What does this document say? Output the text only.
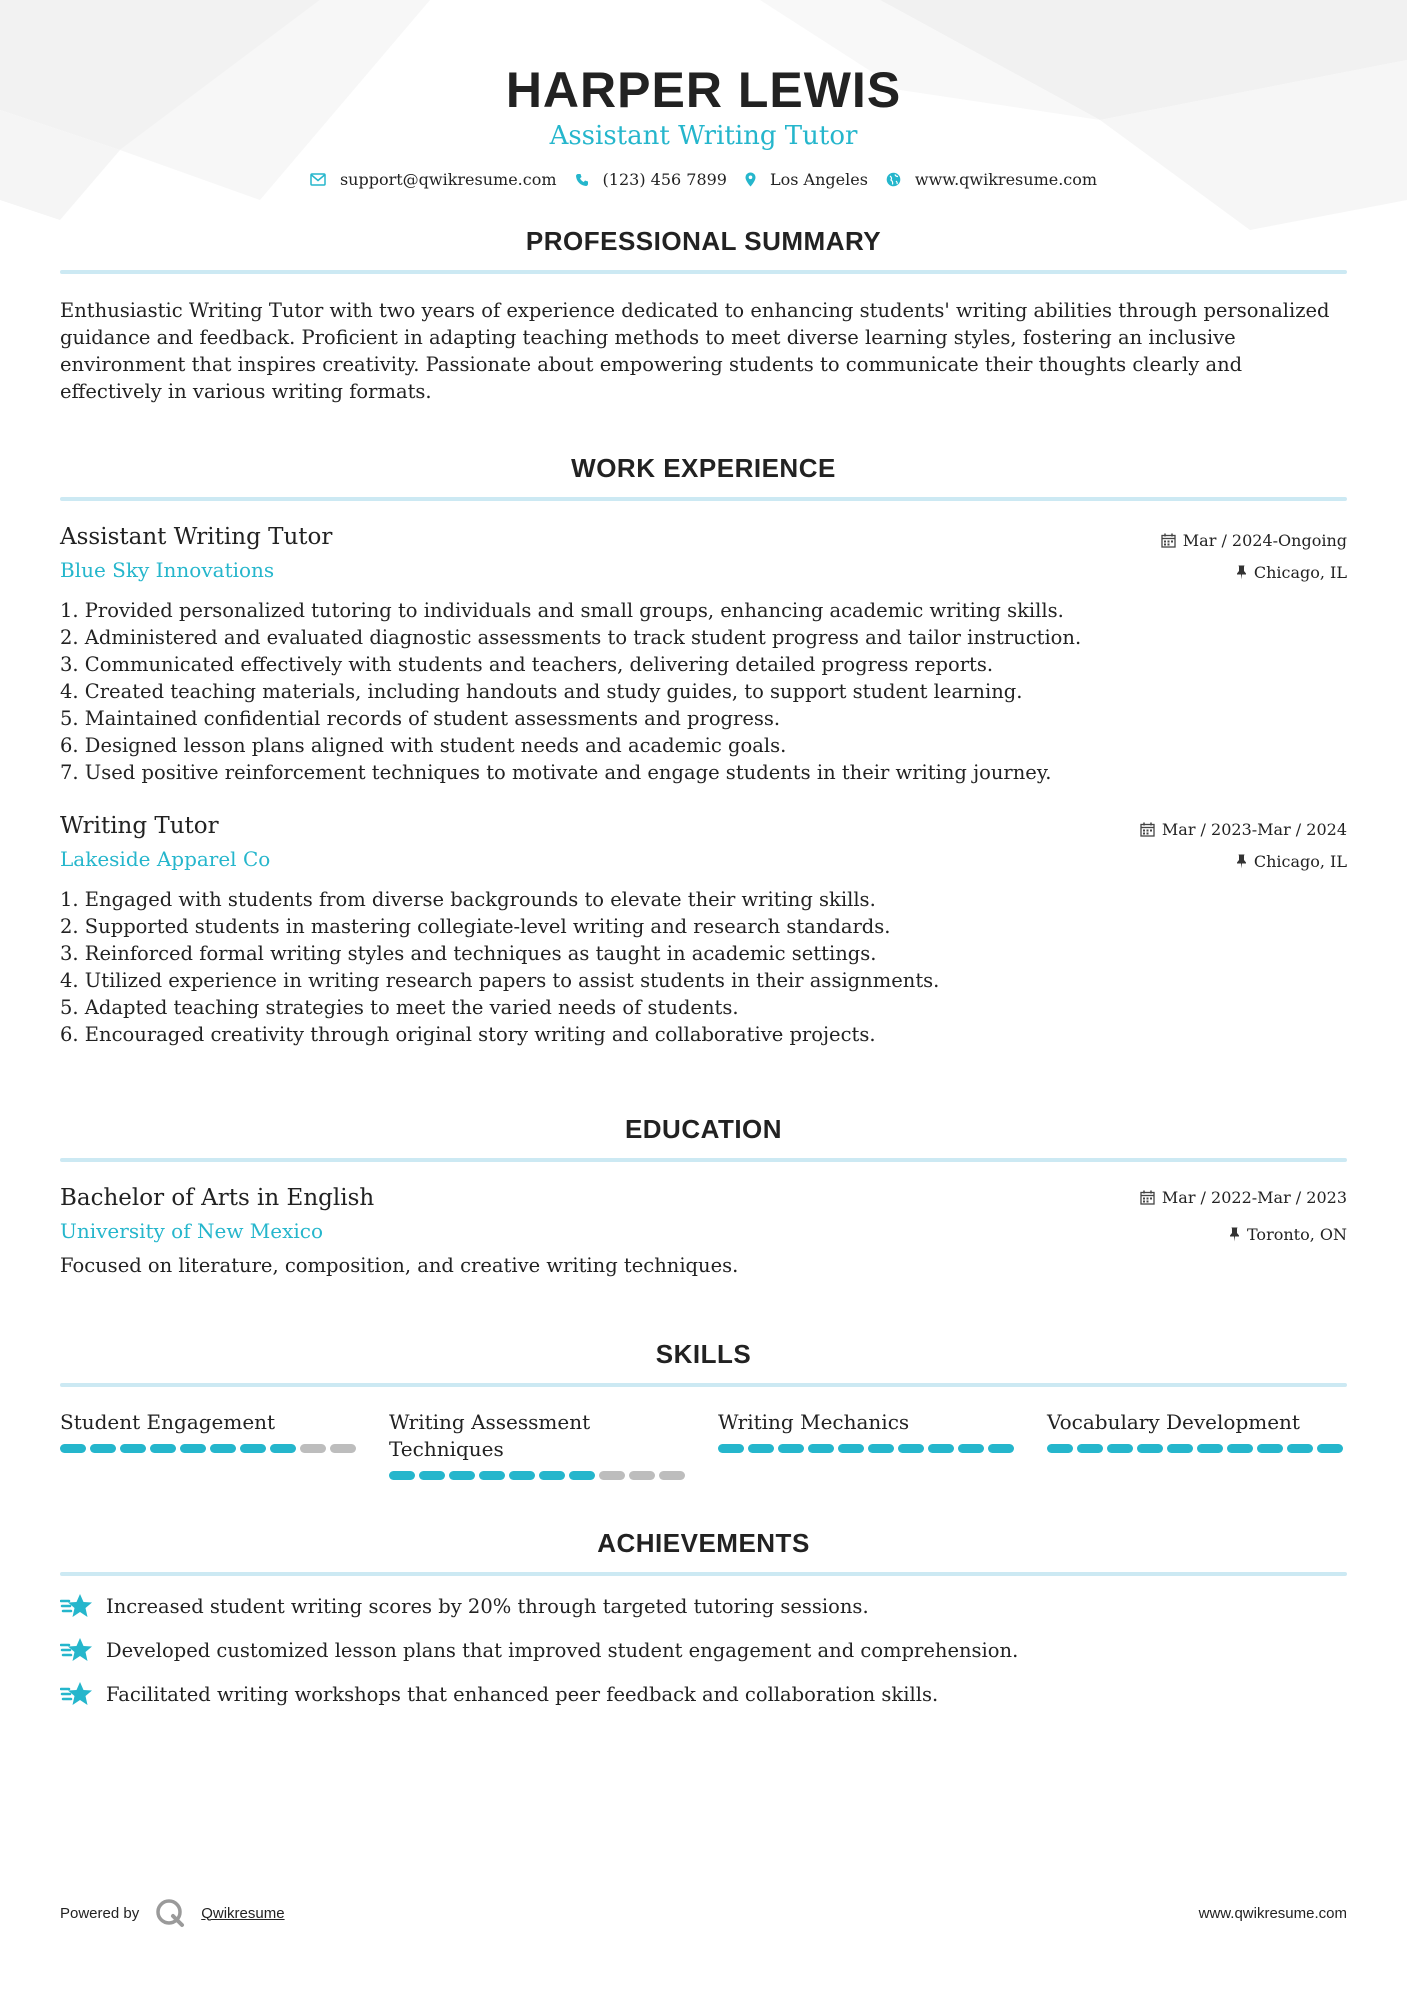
HARPER LEWIS
Assistant Writing Tutor
support@qwikresume.com	(123) 456 7899	Los Angeles	www.qwikresume.com
PROFESSIONAL SUMMARY

Enthusiastic Writing Tutor with two years of experience dedicated to enhancing students' writing abilities through personalized guidance and feedback. Proficient in adapting teaching methods to meet diverse learning styles, fostering an inclusive environment that inspires creativity. Passionate about empowering students to communicate their thoughts clearly and effectively in various writing formats.

WORK EXPERIENCE
Assistant Writing Tutor
Blue Sky Innovations
Mar / 2024-Ongoing
Chicago, IL
1. Provided personalized tutoring to individuals and small groups, enhancing academic writing skills.
2. Administered and evaluated diagnostic assessments to track student progress and tailor instruction.
3. Communicated effectively with students and teachers, delivering detailed progress reports.
4. Created teaching materials, including handouts and study guides, to support student learning.
5. Maintained confidential records of student assessments and progress.
6. Designed lesson plans aligned with student needs and academic goals.
7. Used positive reinforcement techniques to motivate and engage students in their writing journey.
Writing Tutor
Lakeside Apparel Co
Mar / 2023-Mar / 2024
Chicago, IL
1. Engaged with students from diverse backgrounds to elevate their writing skills.
2. Supported students in mastering collegiate-level writing and research standards.
3. Reinforced formal writing styles and techniques as taught in academic settings.
4. Utilized experience in writing research papers to assist students in their assignments.
5. Adapted teaching strategies to meet the varied needs of students.
6. Encouraged creativity through original story writing and collaborative projects.
EDUCATION
Bachelor of Arts in English
University of New Mexico
Mar / 2022-Mar / 2023
Toronto, ON

Focused on literature, composition, and creative writing techniques.

SKILLS
Student Engagement	Writing Assessment Techniques
Writing Mechanics	Vocabulary Development
ACHIEVEMENTS
Increased student writing scores by 20% through targeted tutoring sessions.
Developed customized lesson plans that improved student engagement and comprehension.
Facilitated writing workshops that enhanced peer feedback and collaboration skills.
Powered by	Qwikresume	www.qwikresume.com
